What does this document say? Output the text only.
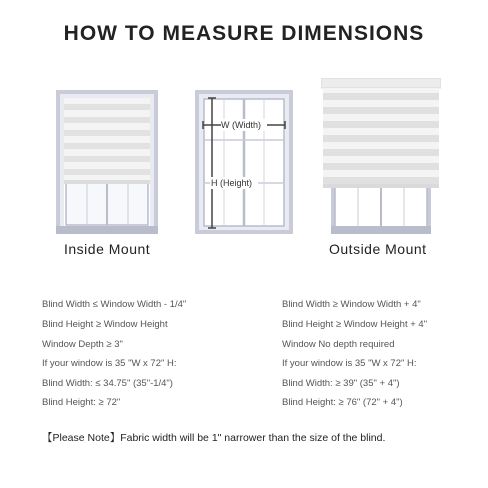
HOW TO MEASURE DIMENSIONS
W (Width)
H (Height)
Inside Mount	Outside Mount
Blind Width ≤ Window Width - 1/4"
Blind Height ≥ Window Height
Window Depth ≥ 3"
If your window is 35 "W x 72" H:
Blind Width: ≤ 34.75" (35"-1/4")
Blind Height: ≥ 72"
Blind Width ≥ Window Width + 4"
Blind Height ≥ Window Height + 4"
Window No depth required
If your window is 35 "W x 72" H:
Blind Width: ≥ 39" (35" + 4")
Blind Height: ≥ 76" (72" + 4")
【Please Note】Fabric width will be 1" narrower than the size of the blind.
